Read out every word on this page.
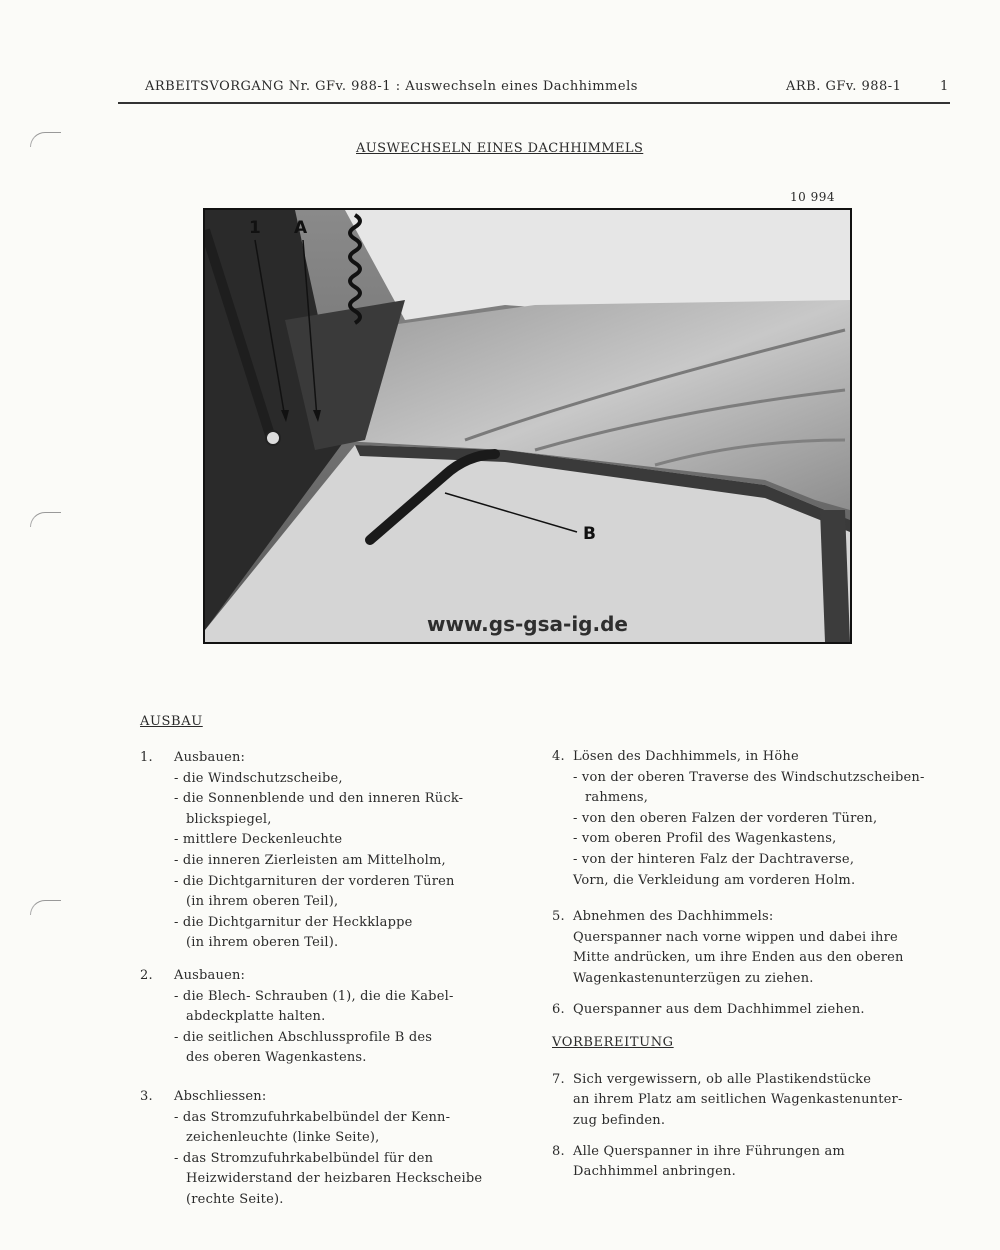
ARBEITSVORGANG Nr. GFv. 988-1 : Auswechseln eines Dachhimmels	ARB. GFv. 988-1	1
AUSWECHSELN EINES DACHHIMMELS
10 994
1 A
B
www.gs-gsa-ig.de
AUSBAU
1.	Ausbauen:
- die Windschutzscheibe,
- die Sonnenblende und den inneren Rück-
blickspiegel,
- mittlere Deckenleuchte
- die inneren Zierleisten am Mittelholm,
- die Dichtgarnituren der vorderen Türen
(in ihrem oberen Teil),
- die Dichtgarnitur der Heckklappe
(in ihrem oberen Teil).
2.	Ausbauen:
- die Blech- Schrauben (1), die die Kabel-
abdeckplatte halten.
- die seitlichen Abschlussprofile B des
des oberen Wagenkastens.
3.	Abschliessen:
- das Stromzufuhrkabelbündel der Kenn-
zeichenleuchte (linke Seite),
- das Stromzufuhrkabelbündel für den
Heizwiderstand der heizbaren Heckscheibe
(rechte Seite).
4. Lösen des Dachhimmels, in Höhe
- von der oberen Traverse des Windschutzscheiben-
rahmens,
- von den oberen Falzen der vorderen Türen,
- vom oberen Profil des Wagenkastens,
- von der hinteren Falz der Dachtraverse,
Vorn, die Verkleidung am vorderen Holm.
5. Abnehmen des Dachhimmels:
Querspanner nach vorne wippen und dabei ihre
Mitte andrücken, um ihre Enden aus den oberen
Wagenkastenunterzügen zu ziehen.
6. Querspanner aus dem Dachhimmel ziehen.
VORBEREITUNG
7. Sich vergewissern, ob alle Plastikendstücke
an ihrem Platz am seitlichen Wagenkastenunter-
zug befinden.
8. Alle Querspanner in ihre Führungen am
Dachhimmel anbringen.
